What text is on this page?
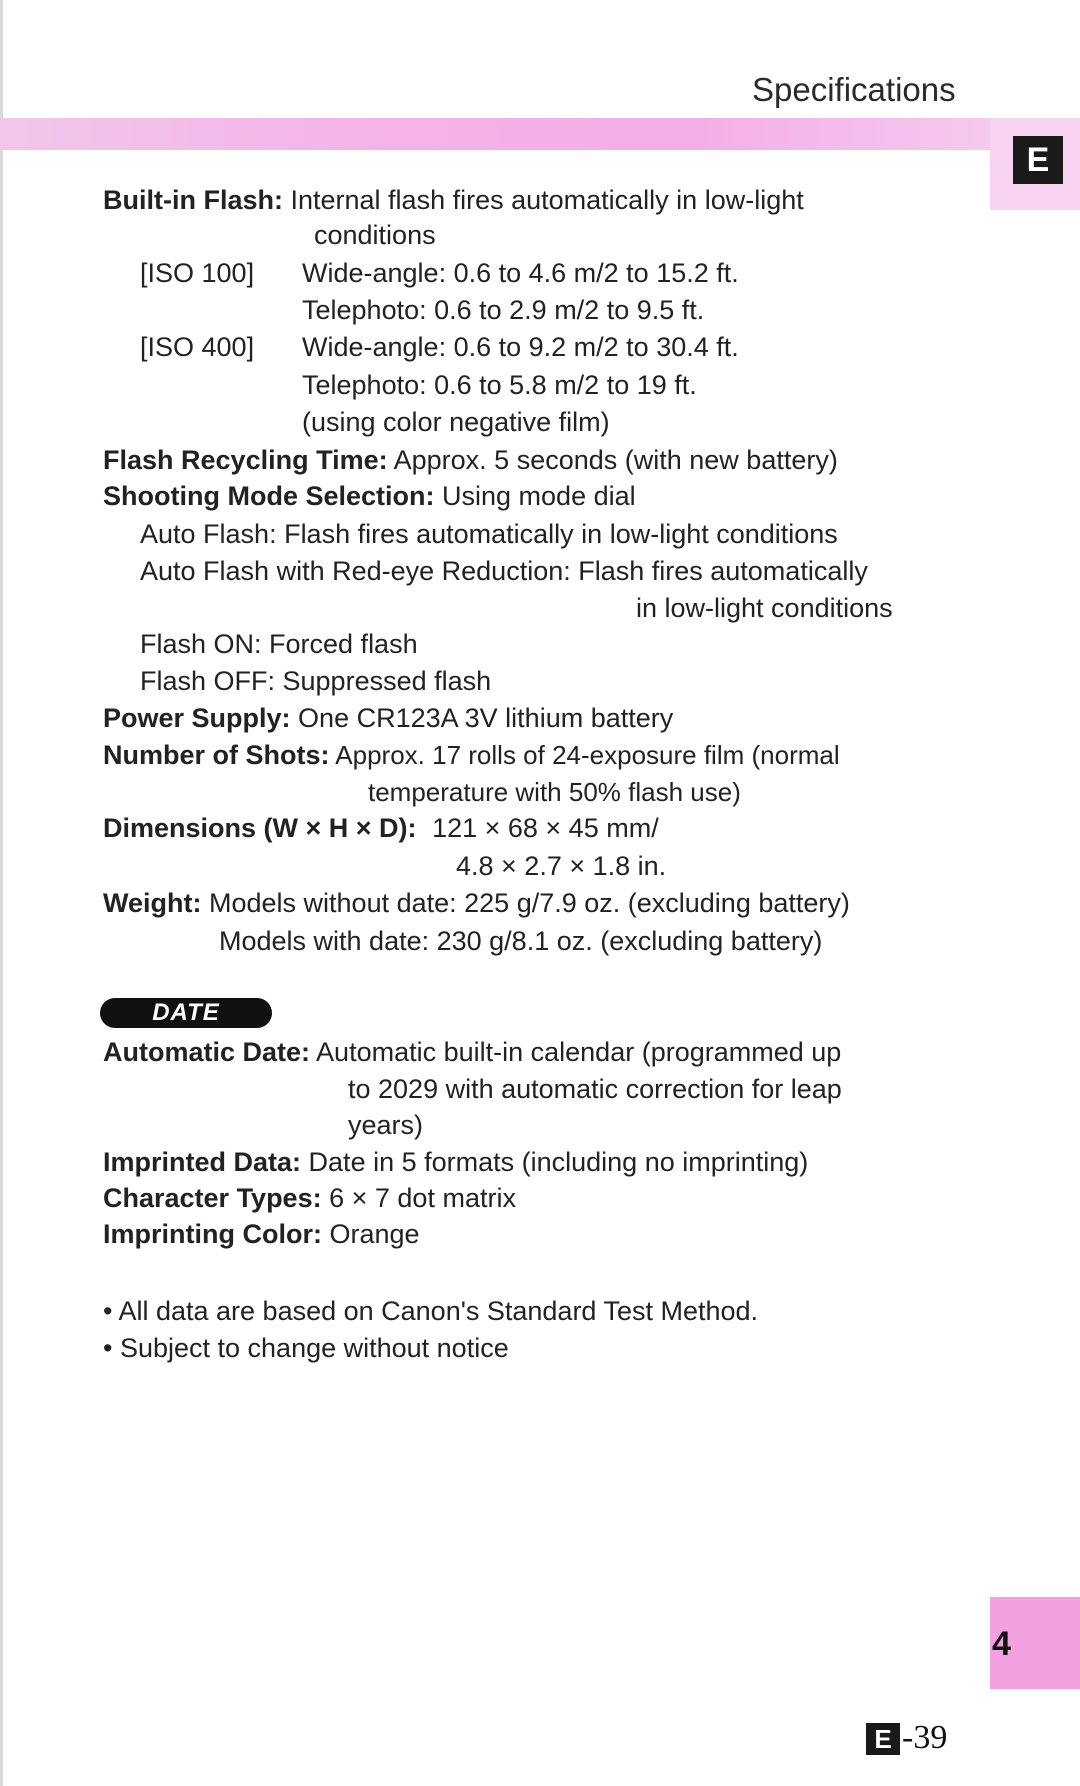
Specifications
E
Built-in Flash: Internal flash fires automatically in low-light
conditions
[ISO 100] Wide-angle: 0.6 to 4.6 m/2 to 15.2 ft.
Telephoto: 0.6 to 2.9 m/2 to 9.5 ft.
[ISO 400] Wide-angle: 0.6 to 9.2 m/2 to 30.4 ft.
Telephoto: 0.6 to 5.8 m/2 to 19 ft.
(using color negative film)
Flash Recycling Time: Approx. 5 seconds (with new battery)
Shooting Mode Selection: Using mode dial
Auto Flash: Flash fires automatically in low-light conditions
Auto Flash with Red-eye Reduction: Flash fires automatically
in low-light conditions
Flash ON: Forced flash
Flash OFF: Suppressed flash
Power Supply: One CR123A 3V lithium battery
Number of Shots: Approx. 17 rolls of 24-exposure film (normal
temperature with 50% flash use)
Dimensions (W × H × D): 121 × 68 × 45 mm/
4.8 × 2.7 × 1.8 in.
Weight: Models without date: 225 g/7.9 oz. (excluding battery)
Models with date: 230 g/8.1 oz. (excluding battery)
DATE
Automatic Date: Automatic built-in calendar (programmed up
to 2029 with automatic correction for leap
years)
Imprinted Data: Date in 5 formats (including no imprinting)
Character Types: 6 × 7 dot matrix
Imprinting Color: Orange
• All data are based on Canon's Standard Test Method.
• Subject to change without notice
4
E -39
